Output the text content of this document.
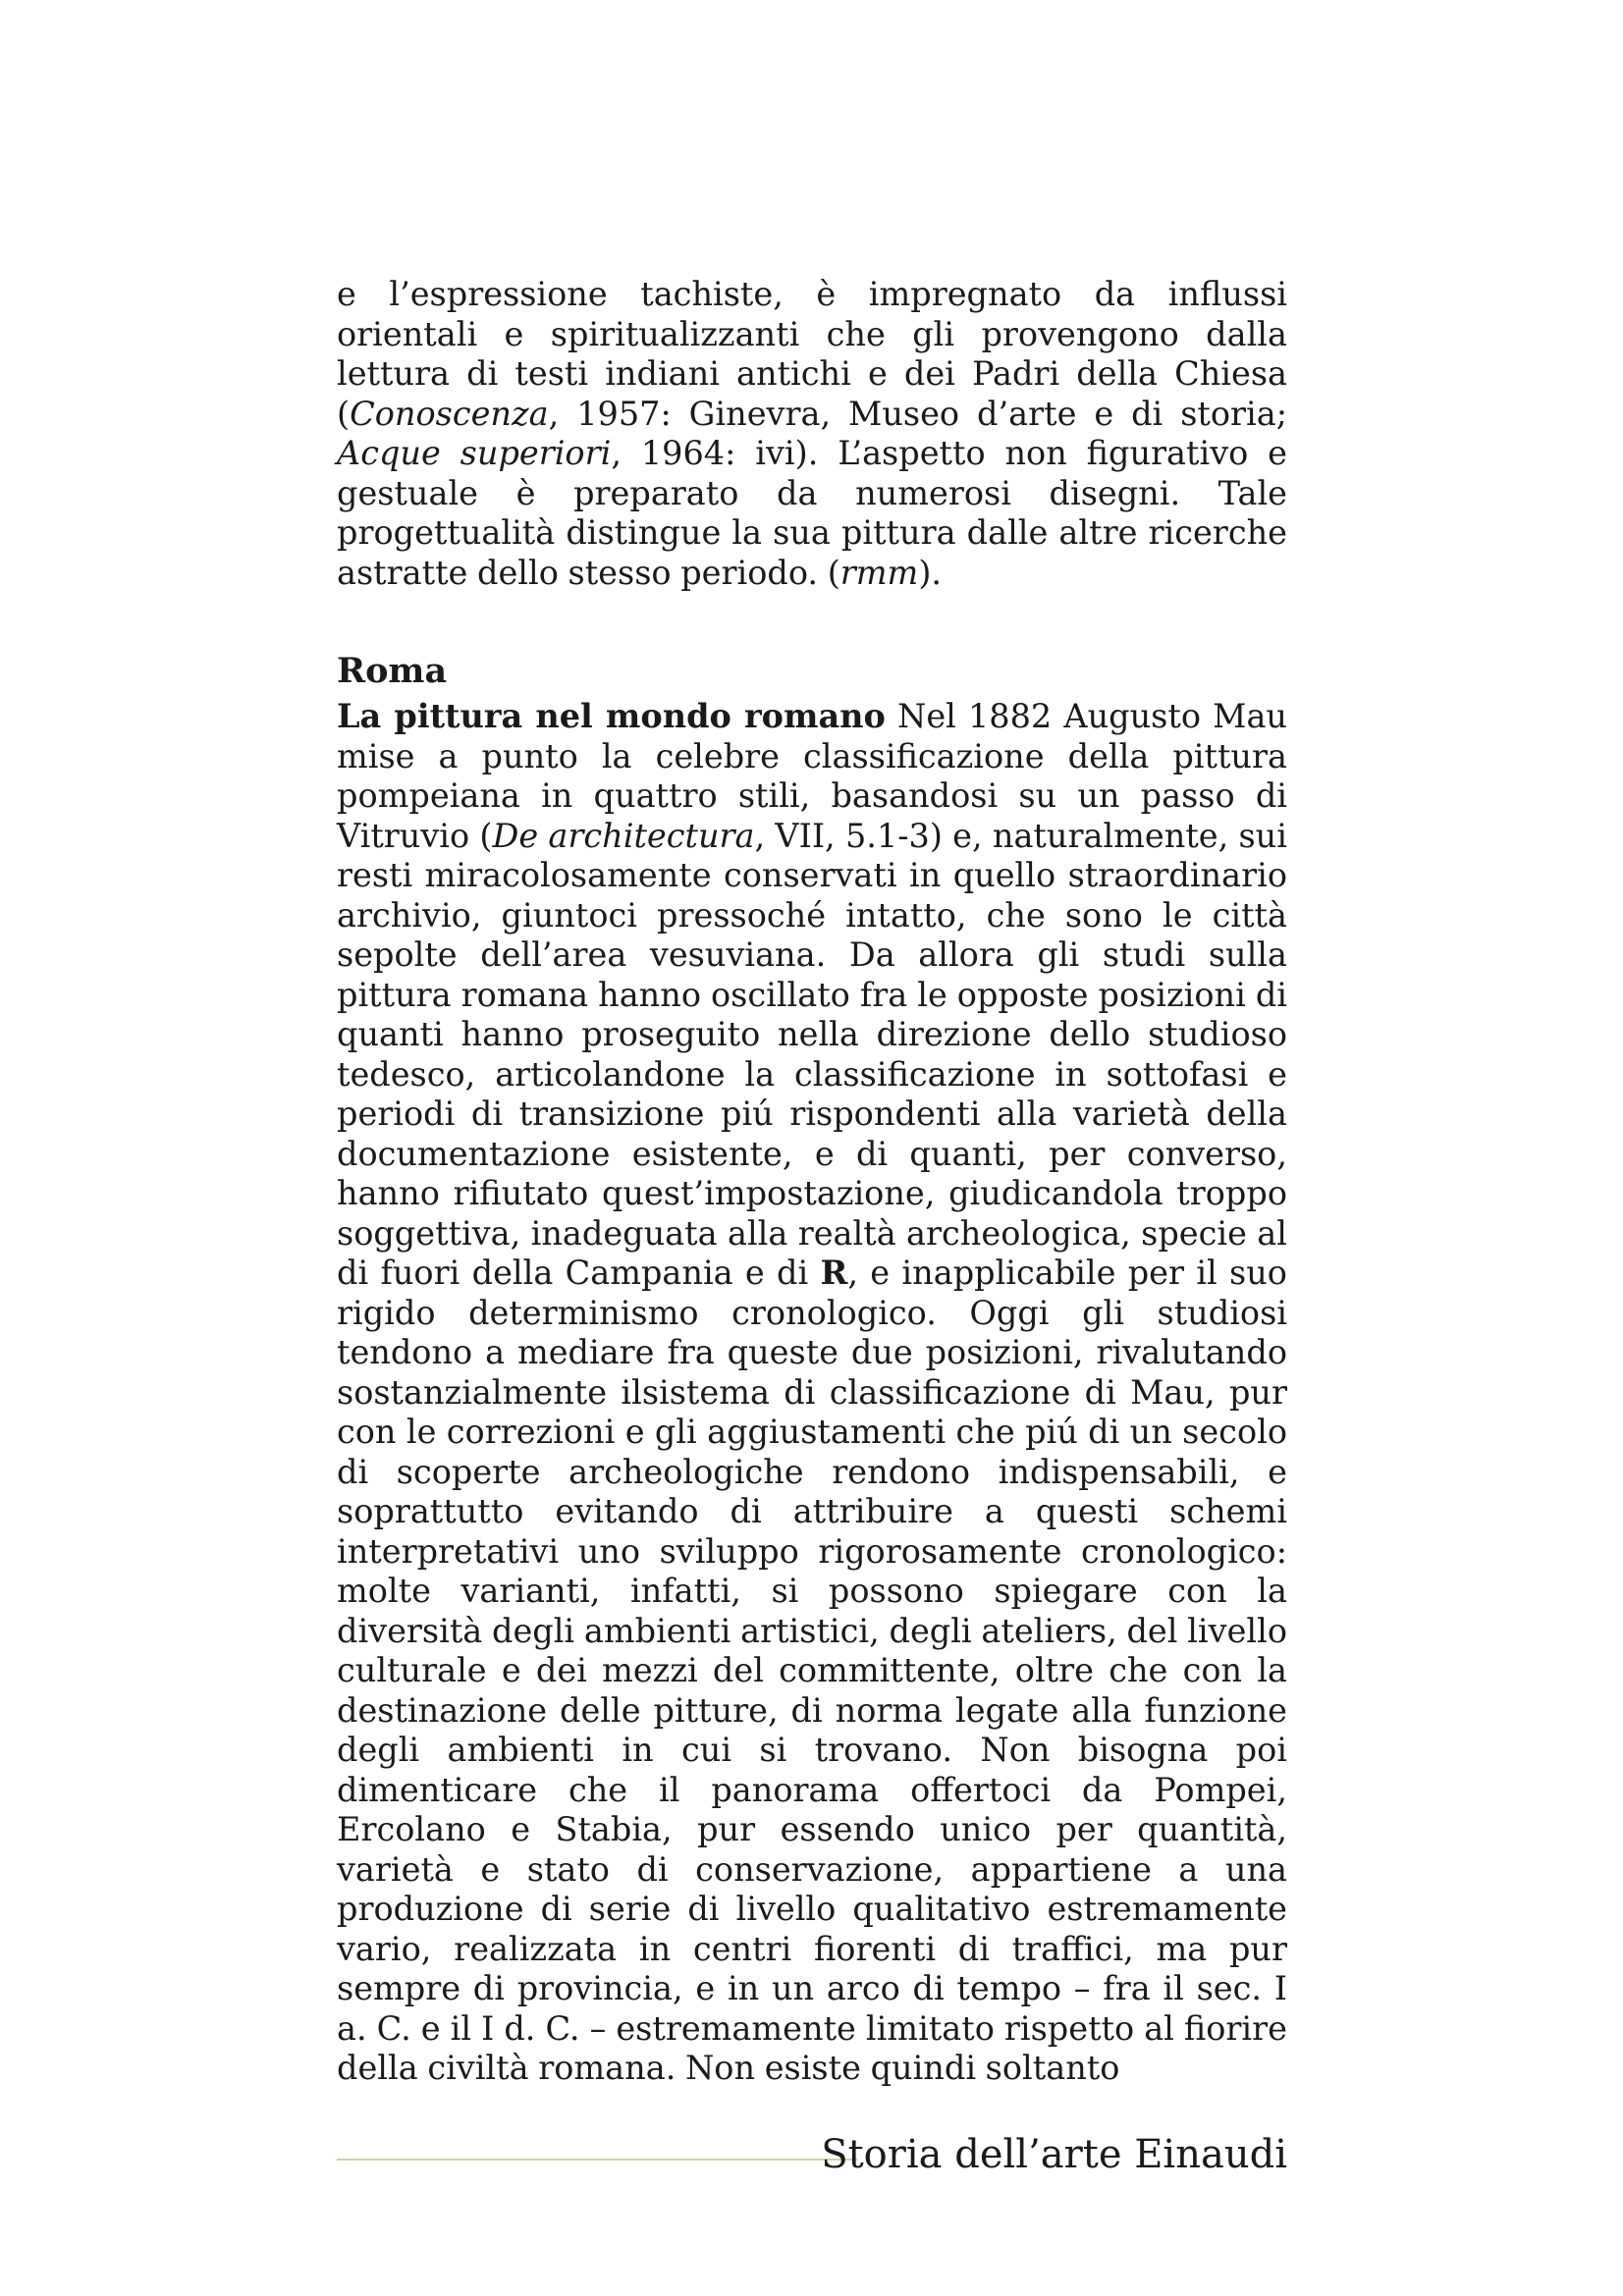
e l’espressione tachiste, è impregnato da influssi orientali e spiritualizzanti che gli provengono dalla lettura di testi indiani antichi e dei Padri della Chiesa (Conoscenza, 1957: Ginevra, Museo d’arte e di storia; Acque superiori, 1964: ivi). L’aspetto non figurativo e gestuale è preparato da numerosi disegni. Tale progettualità distingue la sua pittura dalle altre ricerche astratte dello stesso periodo. (rmm).

Roma

La pittura nel mondo romano Nel 1882 Augusto Mau mise a punto la celebre classificazione della pittura pompeiana in quattro stili, basandosi su un passo di Vitruvio (De architectura, VII, 5.1-3) e, naturalmente, sui resti miracolosamente conservati in quello straordinario archivio, giuntoci pressoché intatto, che sono le città sepolte dell’area vesuviana. Da allora gli studi sulla pittura romana hanno oscillato fra le opposte posizioni di quanti hanno proseguito nella direzione dello studioso tedesco, articolandone la classificazione in sottofasi e periodi di transizione piú rispondenti alla varietà della documentazione esistente, e di quanti, per converso, hanno rifiutato quest’impostazione, giudicandola troppo soggettiva, inadeguata alla realtà archeologica, specie al di fuori della Campania e di R, e inapplicabile per il suo rigido determinismo cronologico. Oggi gli studiosi tendono a mediare fra queste due posizioni, rivalutando sostanzialmente ilsistema di classificazione di Mau, pur con le correzioni e gli aggiustamenti che piú di un secolo di scoperte archeologiche rendono indispensabili, e soprattutto evitando di attribuire a questi schemi interpretativi uno sviluppo rigorosamente cronologico: molte varianti, infatti, si possono spiegare con la diversità degli ambienti artistici, degli ateliers, del livello culturale e dei mezzi del committente, oltre che con la destinazione delle pitture, di norma legate alla funzione degli ambienti in cui si trovano. Non bisogna poi dimenticare che il panorama offertoci da Pompei, Ercolano e Stabia, pur essendo unico per quantità, varietà e stato di conservazione, appartiene a una produzione di serie di livello qualitativo estremamente vario, realizzata in centri fiorenti di traffici, ma pur sempre di provincia, e in un arco di tempo – fra il sec. I a. C. e il I d. C. – estremamente limitato rispetto al fiorire della civiltà romana. Non esiste quindi soltanto

Storia dell’arte Einaudi
